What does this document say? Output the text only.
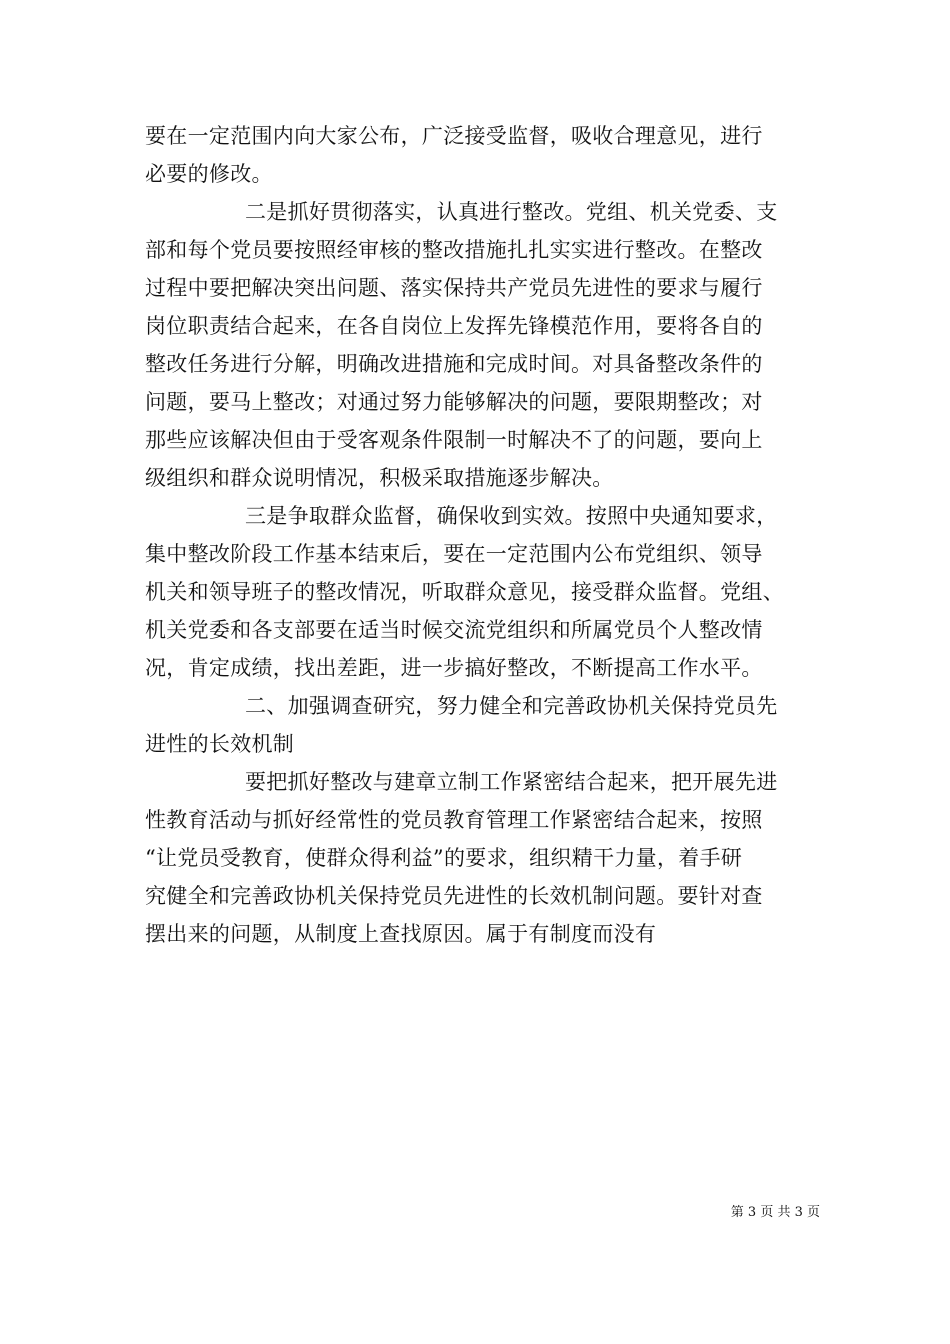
要在一定范围内向大家公布，广泛接受监督，吸收合理意见，进行
必要的修改。
二是抓好贯彻落实，认真进行整改。党组、机关党委、支
部和每个党员要按照经审核的整改措施扎扎实实进行整改。在整改
过程中要把解决突出问题、落实保持共产党员先进性的要求与履行
岗位职责结合起来，在各自岗位上发挥先锋模范作用，要将各自的
整改任务进行分解，明确改进措施和完成时间。对具备整改条件的
问题，要马上整改；对通过努力能够解决的问题，要限期整改；对
那些应该解决但由于受客观条件限制一时解决不了的问题，要向上
级组织和群众说明情况，积极采取措施逐步解决。
三是争取群众监督，确保收到实效。按照中央通知要求，
集中整改阶段工作基本结束后，要在一定范围内公布党组织、领导
机关和领导班子的整改情况，听取群众意见，接受群众监督。党组、
机关党委和各支部要在适当时候交流党组织和所属党员个人整改情
况，肯定成绩，找出差距，进一步搞好整改，不断提高工作水平。
二、加强调查研究，努力健全和完善政协机关保持党员先
进性的长效机制
要把抓好整改与建章立制工作紧密结合起来，把开展先进
性教育活动与抓好经常性的党员教育管理工作紧密结合起来，按照
“让党员受教育，使群众得利益”的要求，组织精干力量，着手研
究健全和完善政协机关保持党员先进性的长效机制问题。要针对查
摆出来的问题，从制度上查找原因。属于有制度而没有
第 3 页 共 3 页
